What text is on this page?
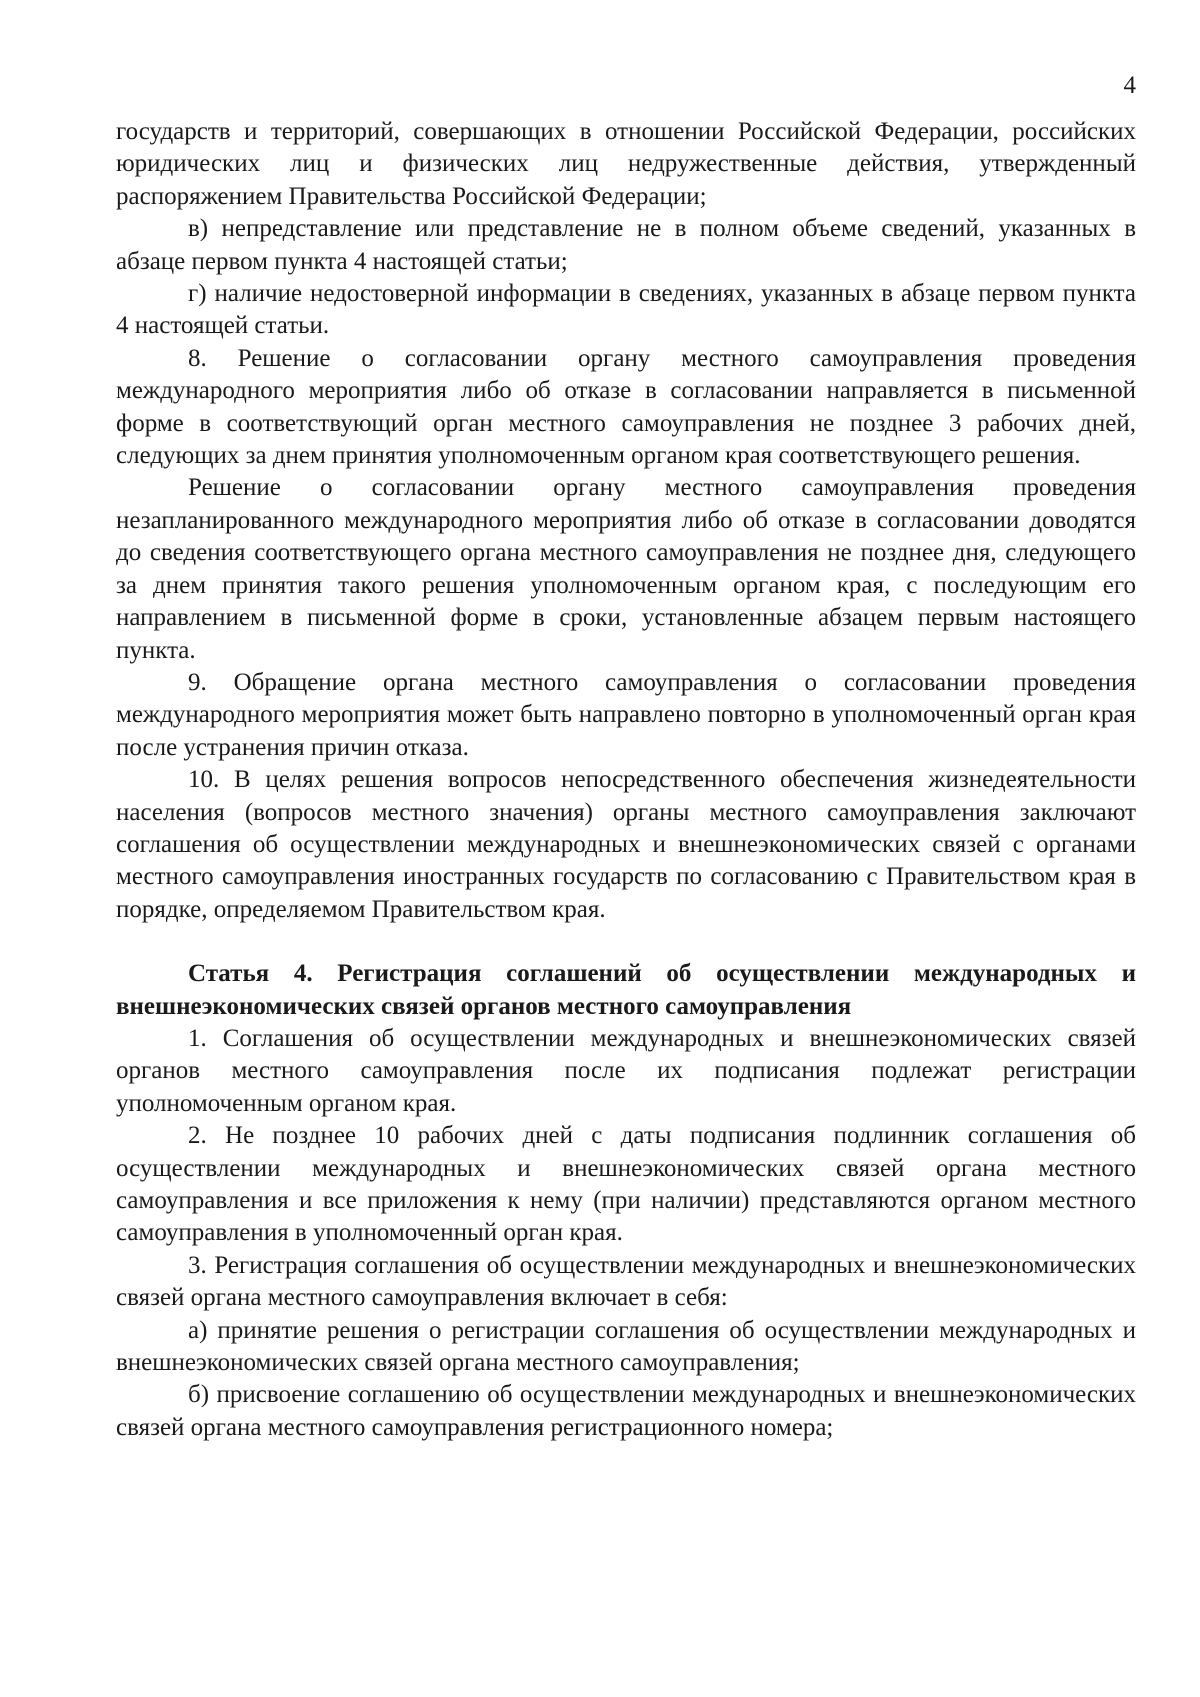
4

государств и территорий, совершающих в отношении Российской Федерации, российских юридических лиц и физических лиц недружественные действия, утвержденный распоряжением Правительства Российской Федерации;

в) непредставление или представление не в полном объеме сведений, указанных в абзаце первом пункта 4 настоящей статьи;

г) наличие недостоверной информации в сведениях, указанных в абзаце первом пункта 4 настоящей статьи.

8. Решение о согласовании органу местного самоуправления проведения международного мероприятия либо об отказе в согласовании направляется в письменной форме в соответствующий орган местного самоуправления не позднее 3 рабочих дней, следующих за днем принятия уполномоченным органом края соответствующего решения.

Решение о согласовании органу местного самоуправления проведения незапланированного международного мероприятия либо об отказе в согласовании доводятся до сведения соответствующего органа местного самоуправления не позднее дня, следующего за днем принятия такого решения уполномоченным органом края, с последующим его направлением в письменной форме в сроки, установленные абзацем первым настоящего пункта.

9. Обращение органа местного самоуправления о согласовании проведения международного мероприятия может быть направлено повторно в уполномоченный орган края после устранения причин отказа.

10. В целях решения вопросов непосредственного обеспечения жизнедеятельности населения (вопросов местного значения) органы местного самоуправления заключают соглашения об осуществлении международных и внешнеэкономических связей с органами местного самоуправления иностранных государств по согласованию с Правительством края в порядке, определяемом Правительством края.

Статья 4. Регистрация соглашений об осуществлении международных и внешнеэкономических связей органов местного самоуправления

1. Соглашения об осуществлении международных и внешнеэкономических связей органов местного самоуправления после их подписания подлежат регистрации уполномоченным органом края.

2. Не позднее 10 рабочих дней с даты подписания подлинник соглашения об осуществлении международных и внешнеэкономических связей органа местного самоуправления и все приложения к нему (при наличии) представляются органом местного самоуправления в уполномоченный орган края.

3. Регистрация соглашения об осуществлении международных и внешнеэкономических связей органа местного самоуправления включает в себя:

а) принятие решения о регистрации соглашения об осуществлении международных и внешнеэкономических связей органа местного самоуправления;

б) присвоение соглашению об осуществлении международных и внешнеэкономических связей органа местного самоуправления регистрационного номера;
